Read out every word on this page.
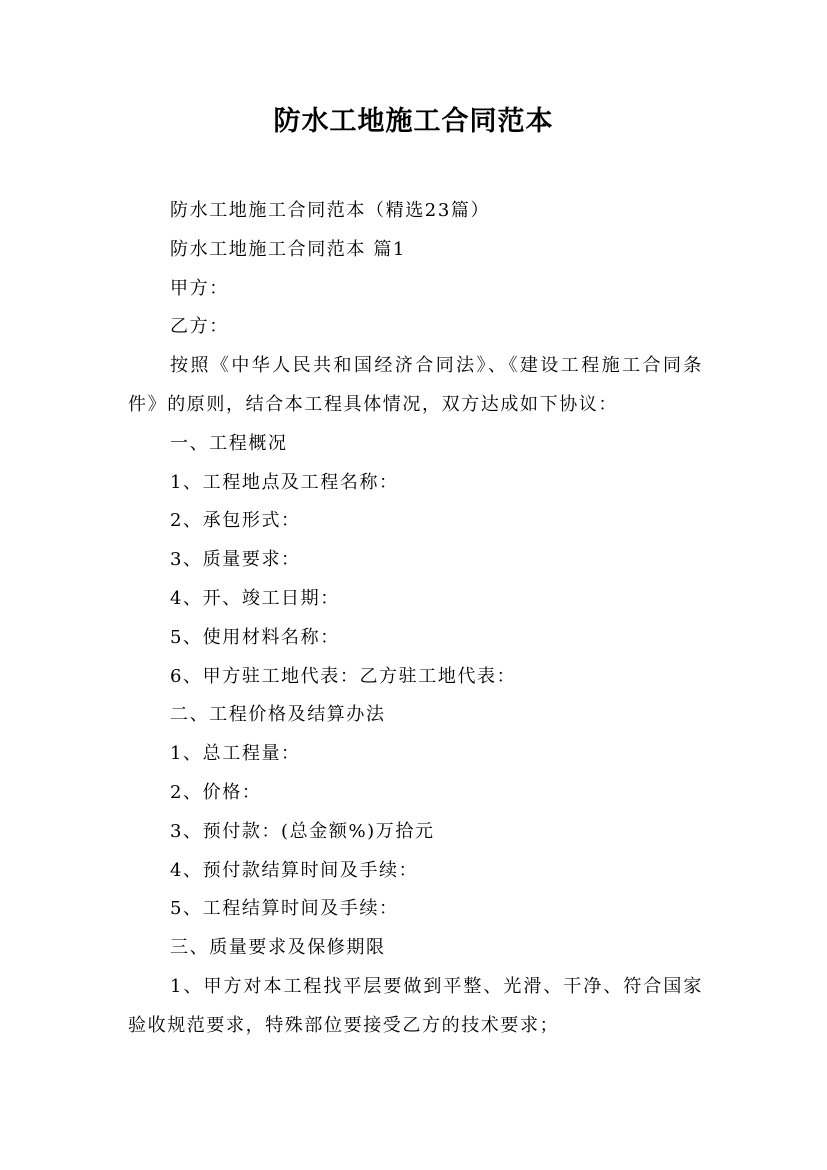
防水工地施工合同范本

防水工地施工合同范本（精选23篇）

防水工地施工合同范本 篇1

甲方：

乙方：

按照《中华人民共和国经济合同法》、《建设工程施工合同条件》的原则，结合本工程具体情况，双方达成如下协议：

一、工程概况

1、工程地点及工程名称：

2、承包形式：

3、质量要求：

4、开、竣工日期：

5、使用材料名称：

6、甲方驻工地代表：乙方驻工地代表：

二、工程价格及结算办法

1、总工程量：

2、价格：

3、预付款：(总金额%)万拾元

4、预付款结算时间及手续：

5、工程结算时间及手续：

三、质量要求及保修期限

1、甲方对本工程找平层要做到平整、光滑、干净、符合国家验收规范要求，特殊部位要接受乙方的技术要求；
